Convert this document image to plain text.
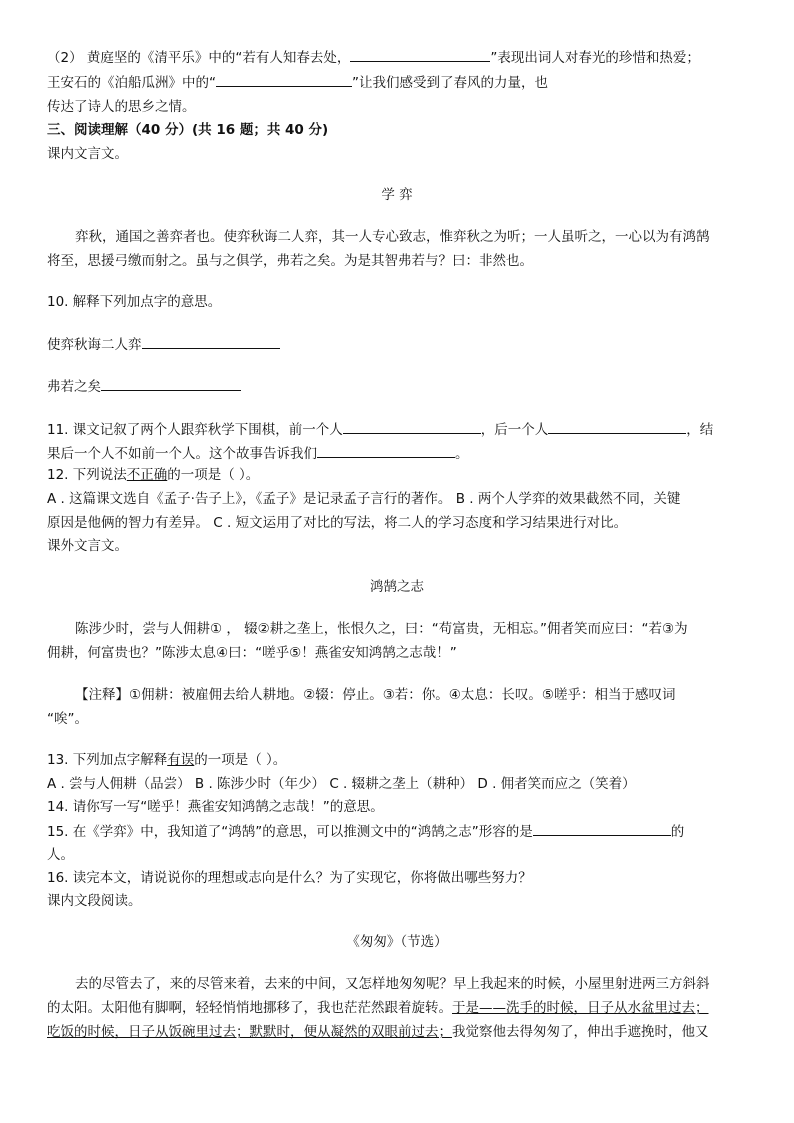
（2） 黄庭坚的《清平乐》中的“若有人知春去处，	”表现出词人对春光的珍惜和热爱；
王安石的《泊船瓜洲》中的“	”让我们感受到了春风的力量，也
传达了诗人的思乡之情。
三、阅读理解（40 分）(共 16 题；共 40 分)
课内文言文。
学 弈
弈秋，通国之善弈者也。使弈秋诲二人弈，其一人专心致志，惟弈秋之为听；一人虽听之，一心以为有鸿鹄
将至，思援弓缴而射之。虽与之俱学，弗若之矣。为是其智弗若与？曰：非然也。
10. 解释下列加点字的意思。
使弈秋诲二人弈
弗若之矣
11. 课文记叙了两个人跟弈秋学下围棋，前一个人	，后一个人	，结
果后一个人不如前一个人。这个故事告诉我们	。
12. 下列说法不正确的一项是（ ）。
A . 这篇课文选自《孟子·告子上》，《孟子》是记录孟子言行的著作。 B . 两个人学弈的效果截然不同，关键
原因是他俩的智力有差异。 C . 短文运用了对比的写法，将二人的学习态度和学习结果进行对比。
课外文言文。
鸿鹄之志
陈涉少时，尝与人佣耕① ， 辍②耕之垄上，怅恨久之，曰：“苟富贵，无相忘。”佣者笑而应曰：“若③为
佣耕，何富贵也？”陈涉太息④曰：“嗟乎⑤！燕雀安知鸿鹄之志哉！”
【注释】①佣耕：被雇佣去给人耕地。②辍：停止。③若：你。④太息：长叹。⑤嗟乎：相当于感叹词
“唉”。
13. 下列加点字解释有误的一项是（ ）。
A . 尝与人佣耕（品尝） B . 陈涉少时（年少） C . 辍耕之垄上（耕种） D . 佣者笑而应之（笑着）
14. 请你写一写“嗟乎！燕雀安知鸿鹄之志哉！”的意思。
15. 在《学弈》中，我知道了“鸿鹄”的意思，可以推测文中的“鸿鹄之志”形容的是	的
人。
16. 读完本文，请说说你的理想或志向是什么？为了实现它，你将做出哪些努力？
课内文段阅读。
《匆匆》（节选）
去的尽管去了，来的尽管来着，去来的中间，又怎样地匆匆呢？早上我起来的时候，小屋里射进两三方斜斜
的太阳。太阳他有脚啊，轻轻悄悄地挪移了，我也茫茫然跟着旋转。于是——洗手的时候，日子从水盆里过去；
吃饭的时候，日子从饭碗里过去；默默时，便从凝然的双眼前过去；我觉察他去得匆匆了，伸出手遮挽时，他又
